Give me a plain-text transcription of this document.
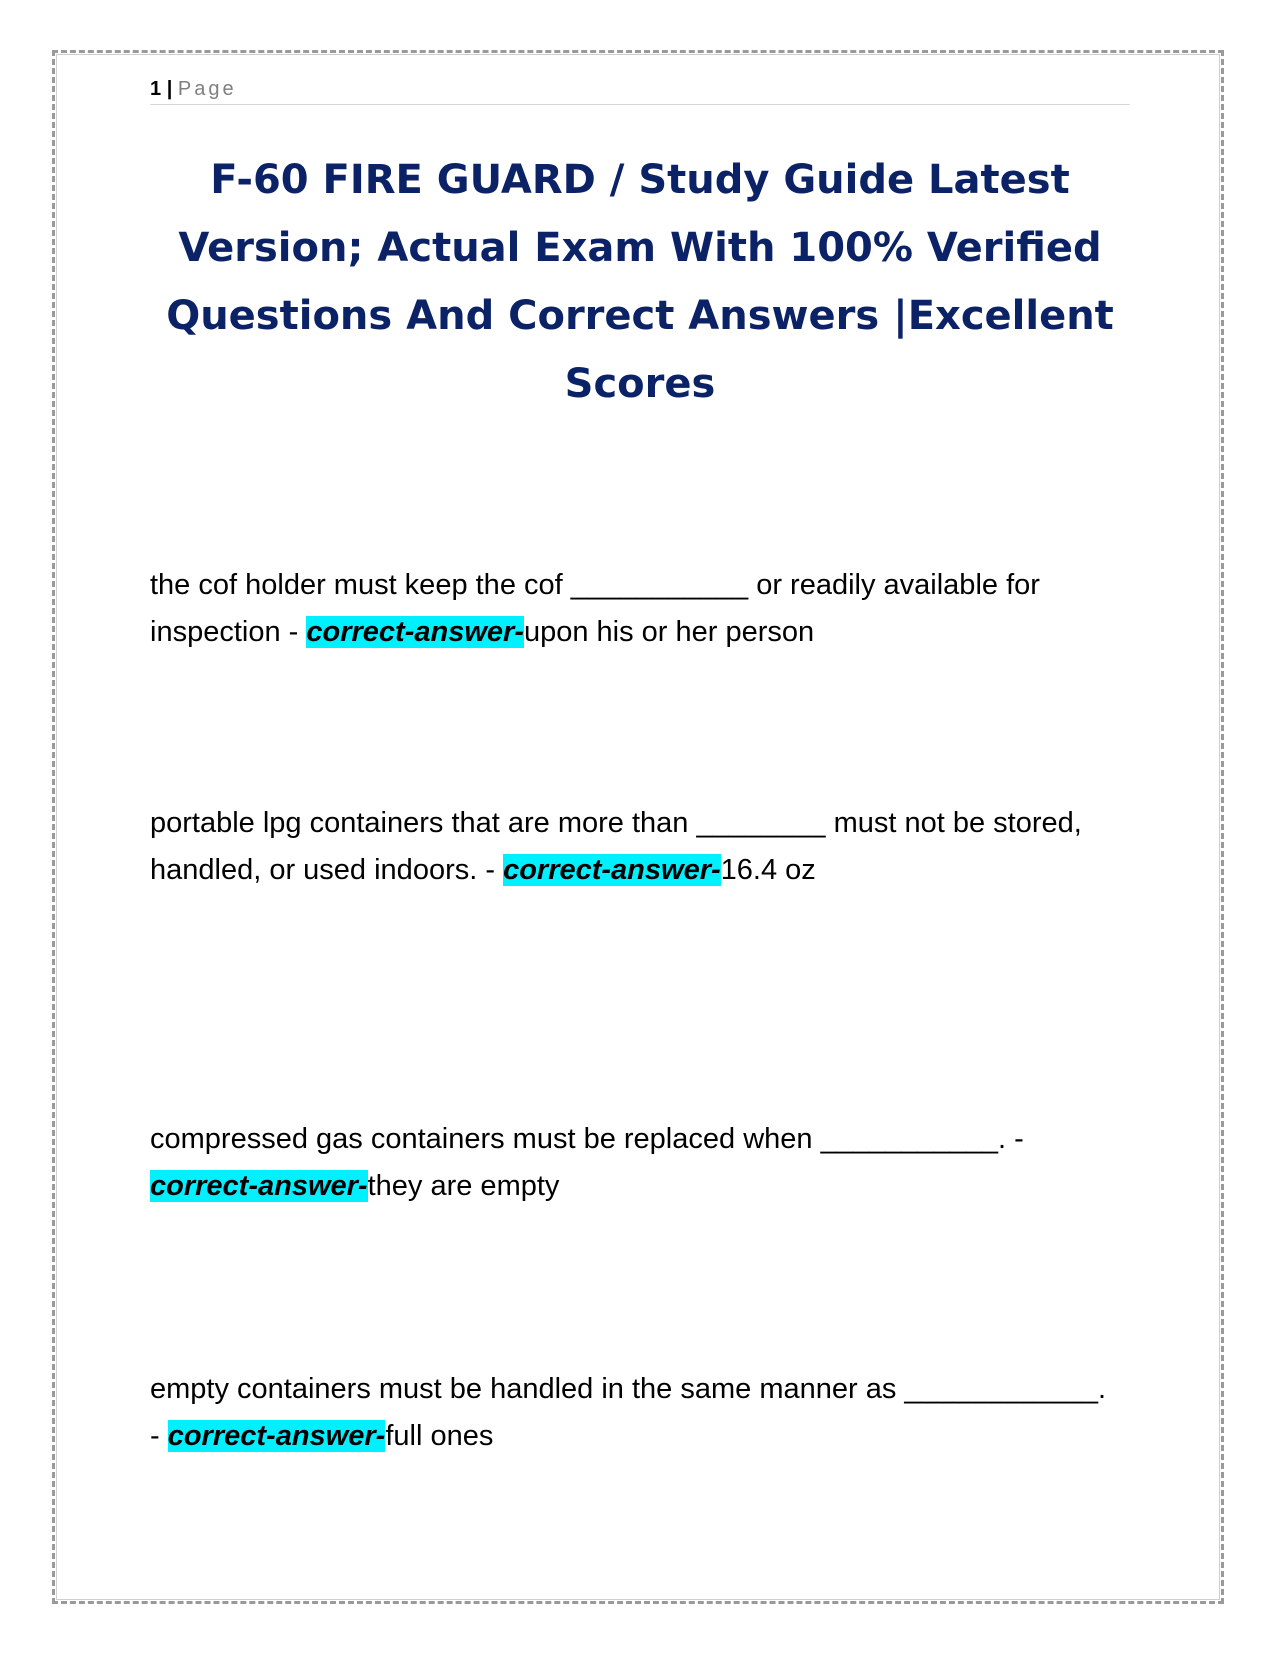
1 | Page
F-60 FIRE GUARD / Study Guide Latest Version; Actual Exam With 100% Verified Questions And Correct Answers |Excellent Scores
the cof holder must keep the cof ___________ or readily available for inspection - correct-answer-upon his or her person
portable lpg containers that are more than ________ must not be stored, handled, or used indoors. - correct-answer-16.4 oz
compressed gas containers must be replaced when ___________. - correct-answer-they are empty
empty containers must be handled in the same manner as ____________. - correct-answer-full ones
